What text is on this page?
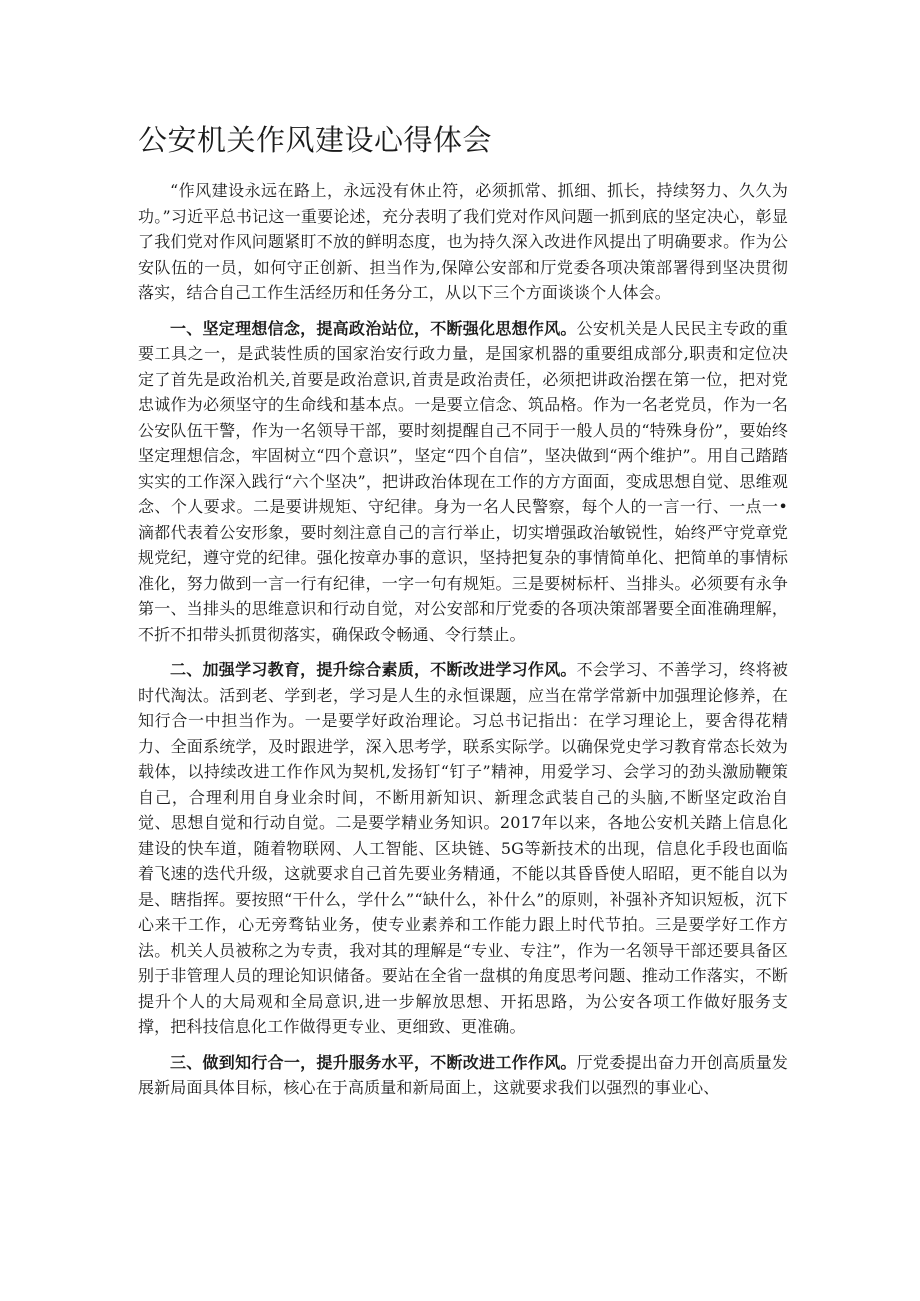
公安机关作风建设心得体会

“作风建设永远在路上，永远没有休止符，必须抓常、抓细、抓长，持续努力、久久为功。”习近平总书记这一重要论述，充分表明了我们党对作风问题一抓到底的坚定决心，彰显了我们党对作风问题紧盯不放的鲜明态度，也为持久深入改进作风提出了明确要求。作为公安队伍的一员，如何守正创新、担当作为,保障公安部和厅党委各项决策部署得到坚决贯彻落实，结合自己工作生活经历和任务分工，从以下三个方面谈谈个人体会。

一、坚定理想信念，提高政治站位，不断强化思想作风。公安机关是人民民主专政的重要工具之一，是武装性质的国家治安行政力量，是国家机器的重要组成部分,职责和定位决定了首先是政治机关,首要是政治意识,首责是政治责任，必须把讲政治摆在第一位，把对党忠诚作为必须坚守的生命线和基本点。一是要立信念、筑品格。作为一名老党员，作为一名公安队伍干警，作为一名领导干部，要时刻提醒自己不同于一般人员的“特殊身份”，要始终坚定理想信念，牢固树立“四个意识”，坚定“四个自信”，坚决做到“两个维护”。用自己踏踏实实的工作深入践行“六个坚决”，把讲政治体现在工作的方方面面，变成思想自觉、思维观念、个人要求。二是要讲规矩、守纪律。身为一名人民警察，每个人的一言一行、一点一•滴都代表着公安形象，要时刻注意自己的言行举止，切实增强政治敏锐性，始终严守党章党规党纪，遵守党的纪律。强化按章办事的意识，坚持把复杂的事情简单化、把简单的事情标准化，努力做到一言一行有纪律，一字一句有规矩。三是要树标杆、当排头。必须要有永争第一、当排头的思维意识和行动自觉，对公安部和厅党委的各项决策部署要全面准确理解，不折不扣带头抓贯彻落实，确保政令畅通、令行禁止。

二、加强学习教育，提升综合素质，不断改进学习作风。不会学习、不善学习，终将被时代淘汰。活到老、学到老，学习是人生的永恒课题，应当在常学常新中加强理论修养，在知行合一中担当作为。一是要学好政治理论。习总书记指出：在学习理论上，要舍得花精力、全面系统学，及时跟进学，深入思考学，联系实际学。以确保党史学习教育常态长效为载体，以持续改进工作作风为契机,发扬钉“钉子”精神，用爱学习、会学习的劲头激励鞭策自己，合理利用自身业余时间，不断用新知识、新理念武装自己的头脑,不断坚定政治自觉、思想自觉和行动自觉。二是要学精业务知识。2017年以来，各地公安机关踏上信息化建设的快车道，随着物联网、人工智能、区块链、5G等新技术的出现，信息化手段也面临着飞速的迭代升级，这就要求自己首先要业务精通，不能以其昏昏使人昭昭，更不能自以为是、瞎指挥。要按照“干什么，学什么”“缺什么，补什么”的原则，补强补齐知识短板，沉下心来干工作，心无旁骛钻业务，使专业素养和工作能力跟上时代节拍。三是要学好工作方法。机关人员被称之为专责，我对其的理解是“专业、专注”，作为一名领导干部还要具备区别于非管理人员的理论知识储备。要站在全省一盘棋的角度思考问题、推动工作落实，不断提升个人的大局观和全局意识,进一步解放思想、开拓思路，为公安各项工作做好服务支撑，把科技信息化工作做得更专业、更细致、更准确。

三、做到知行合一，提升服务水平，不断改进工作作风。厅党委提出奋力开创高质量发展新局面具体目标，核心在于高质量和新局面上，这就要求我们以强烈的事业心、
